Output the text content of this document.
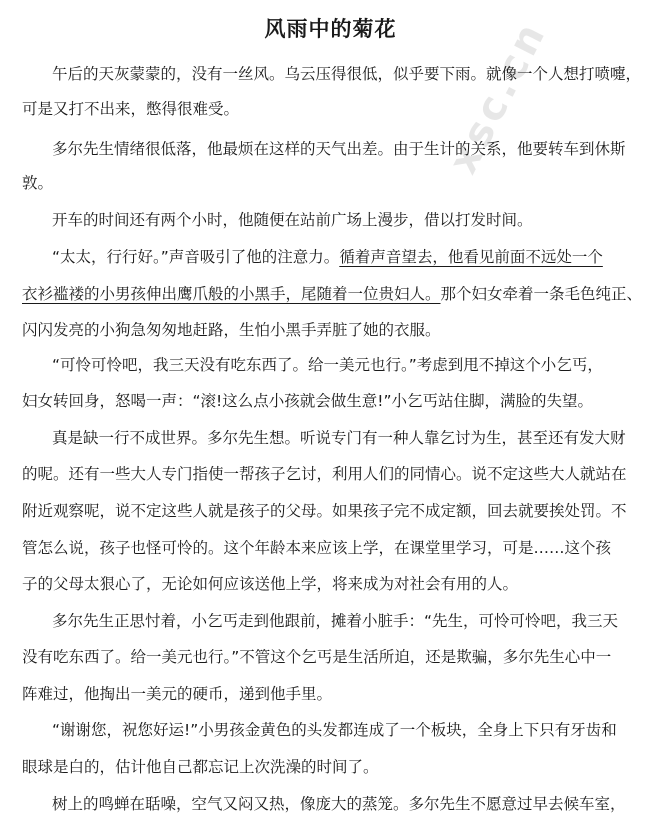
风雨中的菊花	xsc.cn
午后的天灰蒙蒙的，没有一丝风。乌云压得很低，似乎要下雨。就像一个人想打喷嚏，
可是又打不出来，憋得很难受。
多尔先生情绪很低落，他最烦在这样的天气出差。由于生计的关系，他要转车到休斯
敦。
开车的时间还有两个小时，他随便在站前广场上漫步，借以打发时间。
“太太，行行好。”声音吸引了他的注意力。循着声音望去，他看见前面不远处一个
衣衫褴褛的小男孩伸出鹰爪般的小黑手，尾随着一位贵妇人。那个妇女牵着一条毛色纯正、
闪闪发亮的小狗急匆匆地赶路，生怕小黑手弄脏了她的衣服。
“可怜可怜吧，我三天没有吃东西了。给一美元也行。”考虑到甩不掉这个小乞丐，
妇女转回身，怒喝一声：“滚!这么点小孩就会做生意!”小乞丐站住脚，满脸的失望。
真是缺一行不成世界。多尔先生想。听说专门有一种人靠乞讨为生，甚至还有发大财
的呢。还有一些大人专门指使一帮孩子乞讨，利用人们的同情心。说不定这些大人就站在
附近观察呢，说不定这些人就是孩子的父母。如果孩子完不成定额，回去就要挨处罚。不
管怎么说，孩子也怪可怜的。这个年龄本来应该上学，在课堂里学习，可是……这个孩
子的父母太狠心了，无论如何应该送他上学，将来成为对社会有用的人。
多尔先生正思忖着，小乞丐走到他跟前，摊着小脏手：“先生，可怜可怜吧，我三天
没有吃东西了。给一美元也行。”不管这个乞丐是生活所迫，还是欺骗，多尔先生心中一
阵难过，他掏出一美元的硬币，递到他手里。
“谢谢您，祝您好运!”小男孩金黄色的头发都连成了一个板块，全身上下只有牙齿和
眼球是白的，估计他自己都忘记上次洗澡的时间了。
树上的鸣蝉在聒噪，空气又闷又热，像庞大的蒸笼。多尔先生不愿意过早去候车室，
